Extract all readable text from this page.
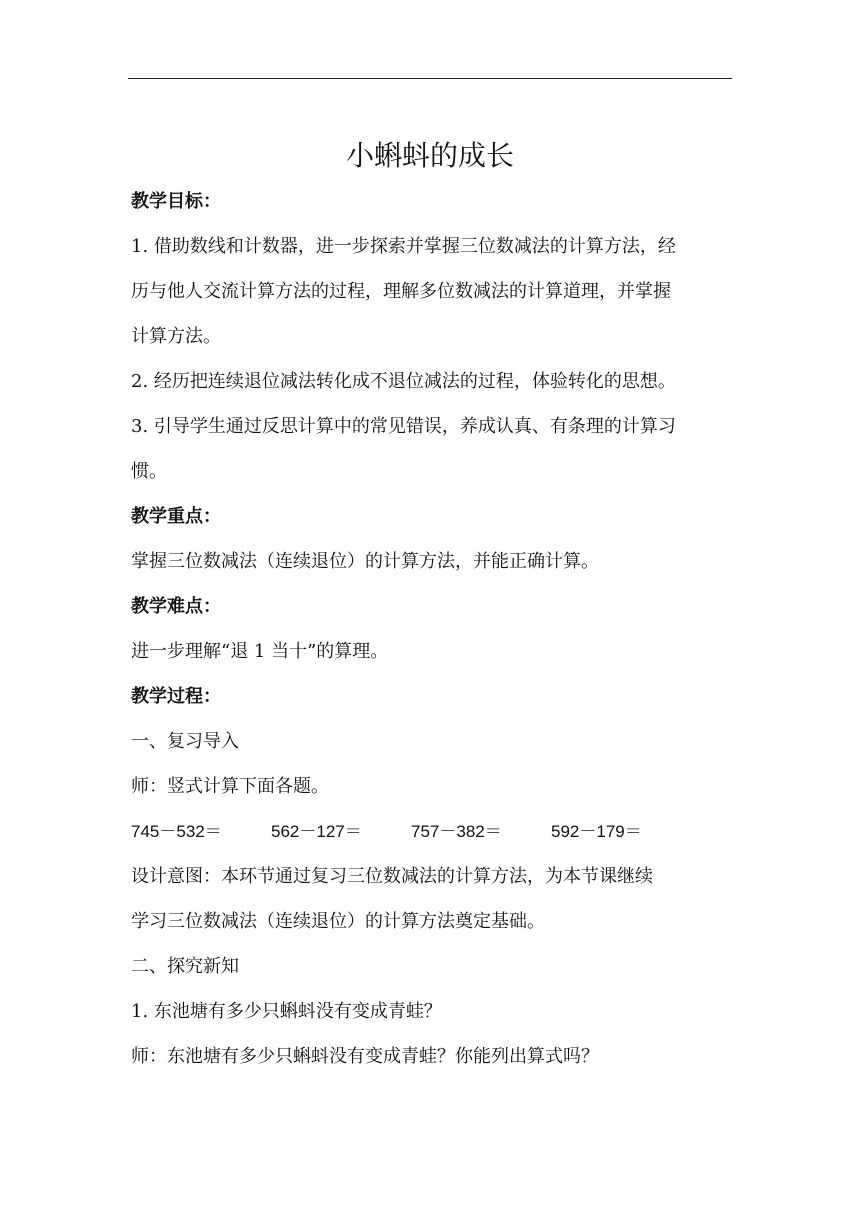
小蝌蚪的成长

教学目标：

1. 借助数线和计数器，进一步探索并掌握三位数减法的计算方法，经

历与他人交流计算方法的过程，理解多位数减法的计算道理，并掌握

计算方法。

2. 经历把连续退位减法转化成不退位减法的过程，体验转化的思想。

3. 引导学生通过反思计算中的常见错误，养成认真、有条理的计算习

惯。

教学重点：

掌握三位数减法（连续退位）的计算方法，并能正确计算。

教学难点：

进一步理解“退 1 当十”的算理。

教学过程：

一、复习导入

师：竖式计算下面各题。

745－532＝	562－127＝	757－382＝	592－179＝

设计意图：本环节通过复习三位数减法的计算方法，为本节课继续

学习三位数减法（连续退位）的计算方法奠定基础。

二、探究新知

1. 东池塘有多少只蝌蚪没有变成青蛙？

师：东池塘有多少只蝌蚪没有变成青蛙？你能列出算式吗？
